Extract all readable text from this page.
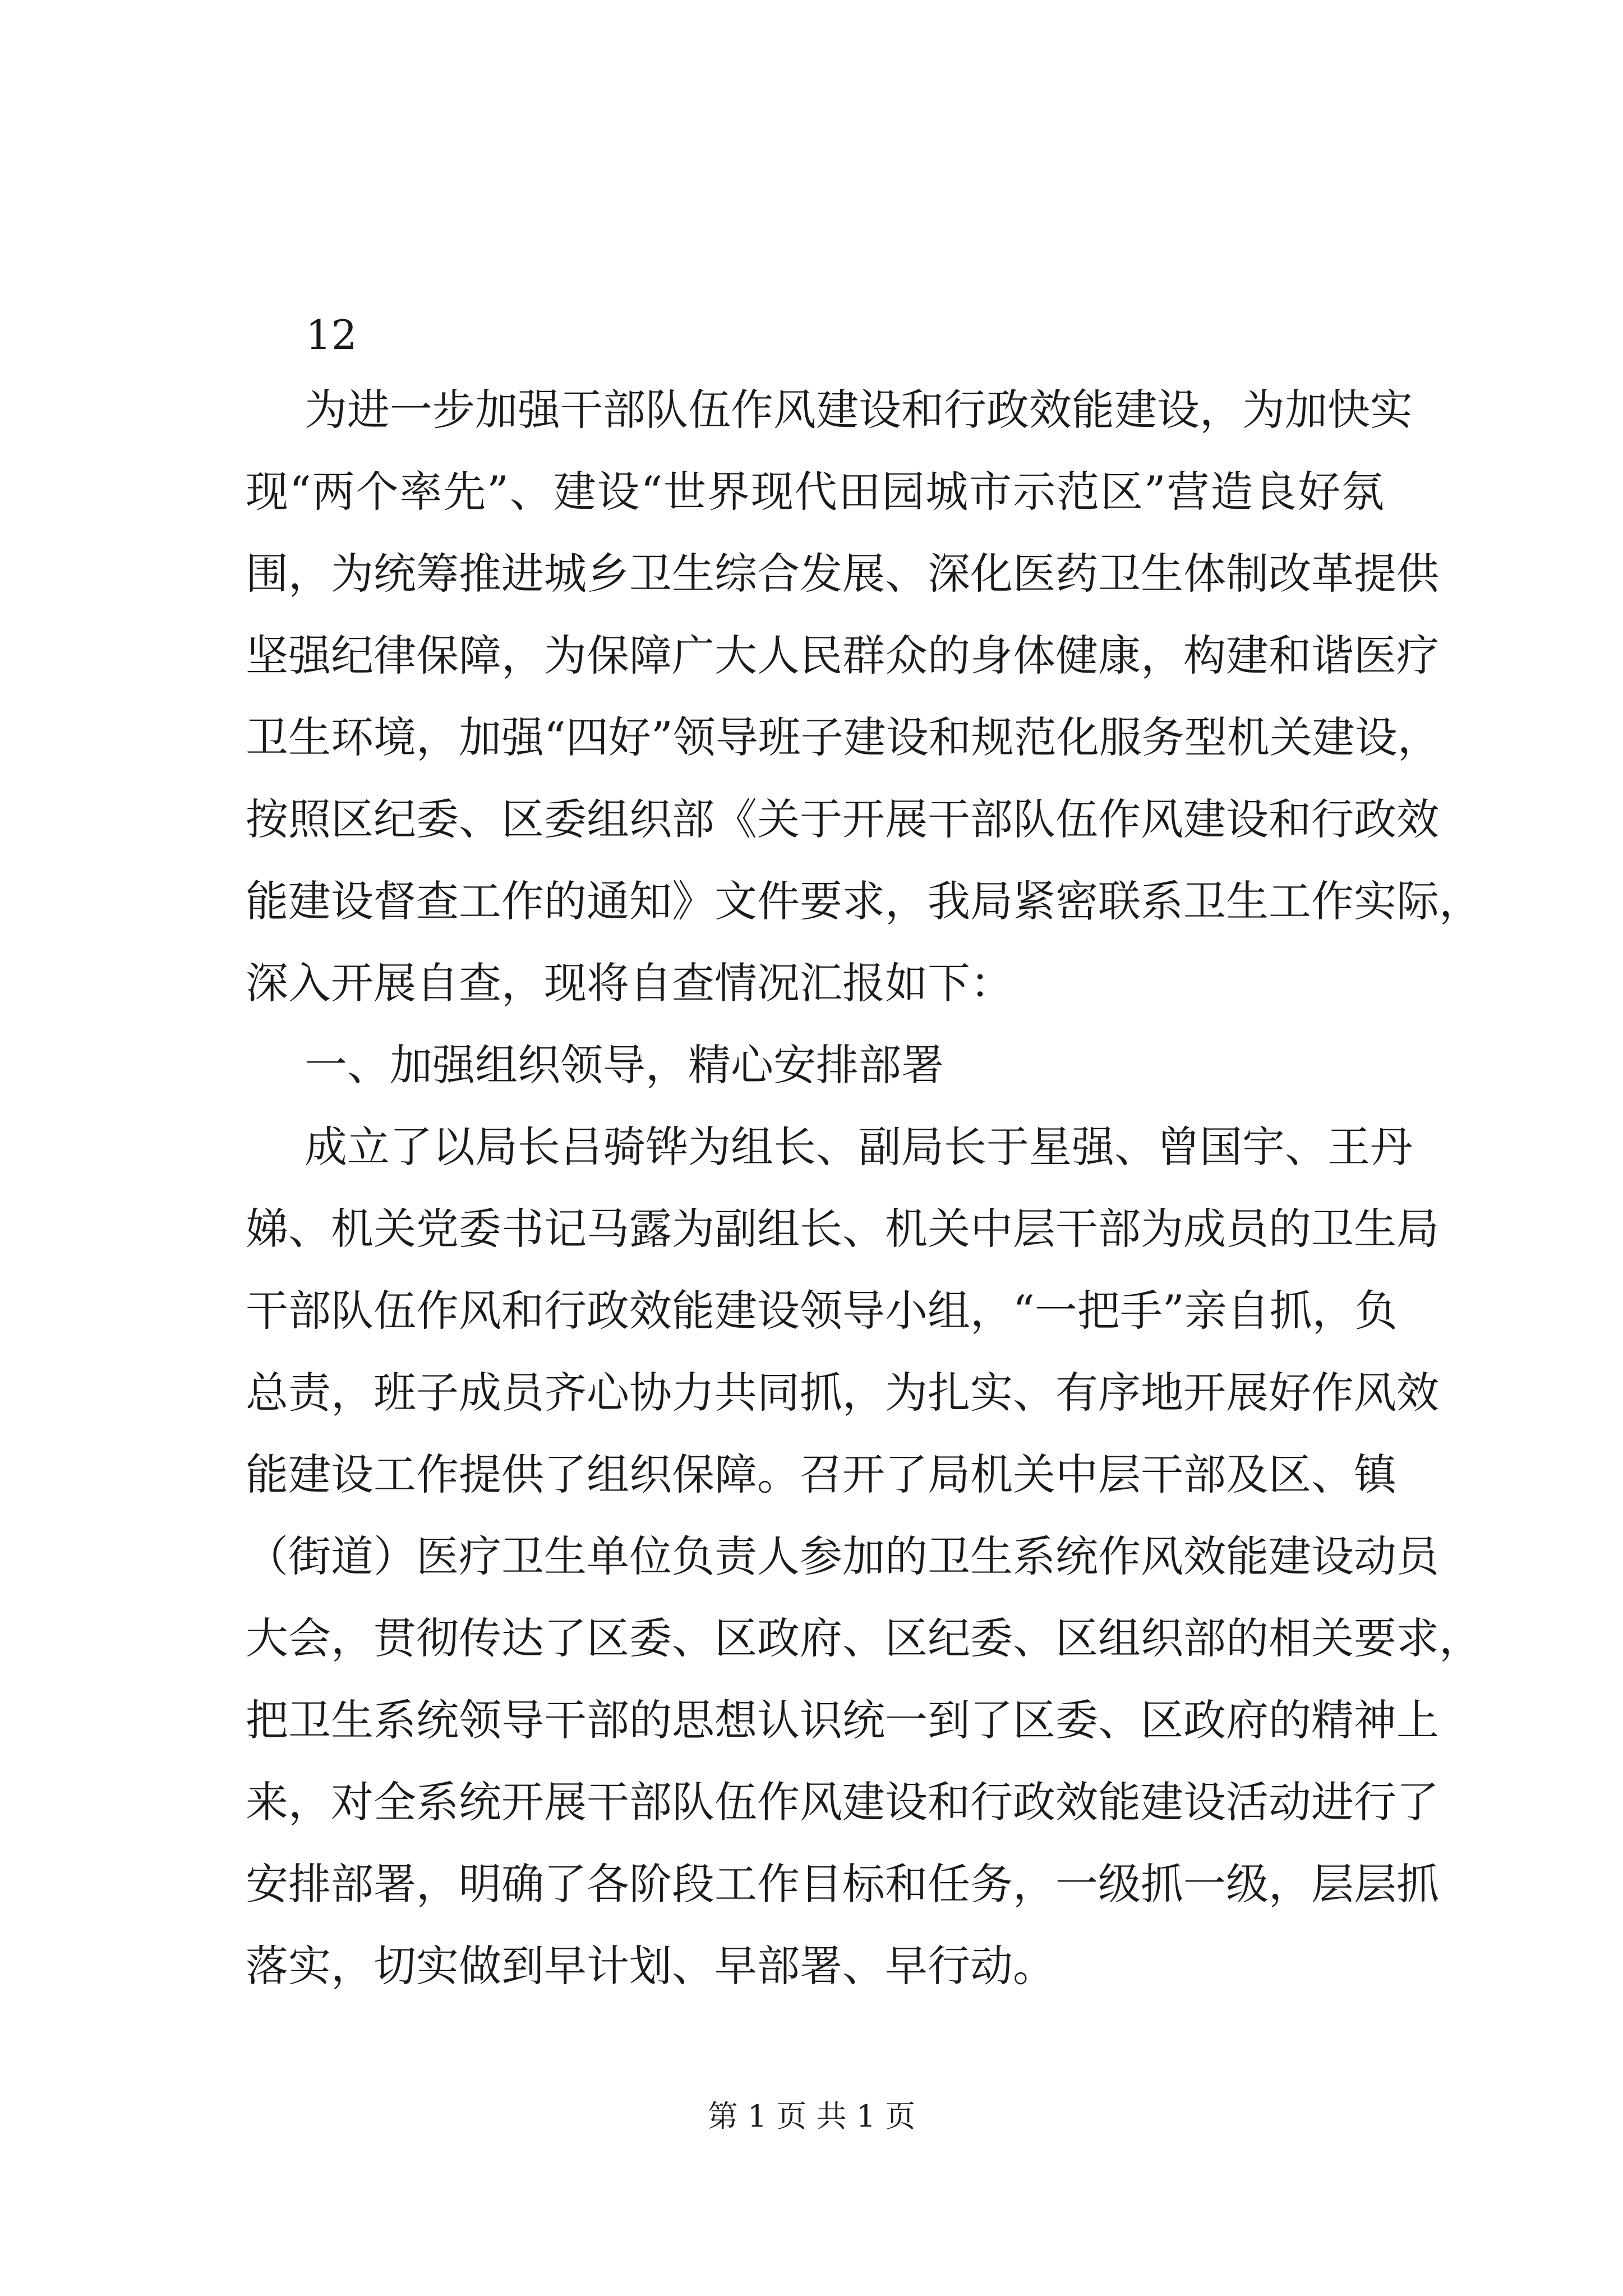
12

为进一步加强干部队伍作风建设和行政效能建设，为加快实

现“两个率先”、建设“世界现代田园城市示范区”营造良好氛

围，为统筹推进城乡卫生综合发展、深化医药卫生体制改革提供

坚强纪律保障，为保障广大人民群众的身体健康，构建和谐医疗

卫生环境，加强“四好”领导班子建设和规范化服务型机关建设，

按照区纪委、区委组织部《关于开展干部队伍作风建设和行政效

能建设督查工作的通知》文件要求，我局紧密联系卫生工作实际，

深入开展自查，现将自查情况汇报如下：

一、加强组织领导，精心安排部署

成立了以局长吕骑铧为组长、副局长于星强、曾国宇、王丹

娣、机关党委书记马露为副组长、机关中层干部为成员的卫生局

干部队伍作风和行政效能建设领导小组，“一把手”亲自抓，负

总责，班子成员齐心协力共同抓，为扎实、有序地开展好作风效

能建设工作提供了组织保障。召开了局机关中层干部及区、镇

（街道）医疗卫生单位负责人参加的卫生系统作风效能建设动员

大会，贯彻传达了区委、区政府、区纪委、区组织部的相关要求，

把卫生系统领导干部的思想认识统一到了区委、区政府的精神上

来，对全系统开展干部队伍作风建设和行政效能建设活动进行了

安排部署，明确了各阶段工作目标和任务，一级抓一级，层层抓

落实，切实做到早计划、早部署、早行动。

第 1 页 共 1 页
